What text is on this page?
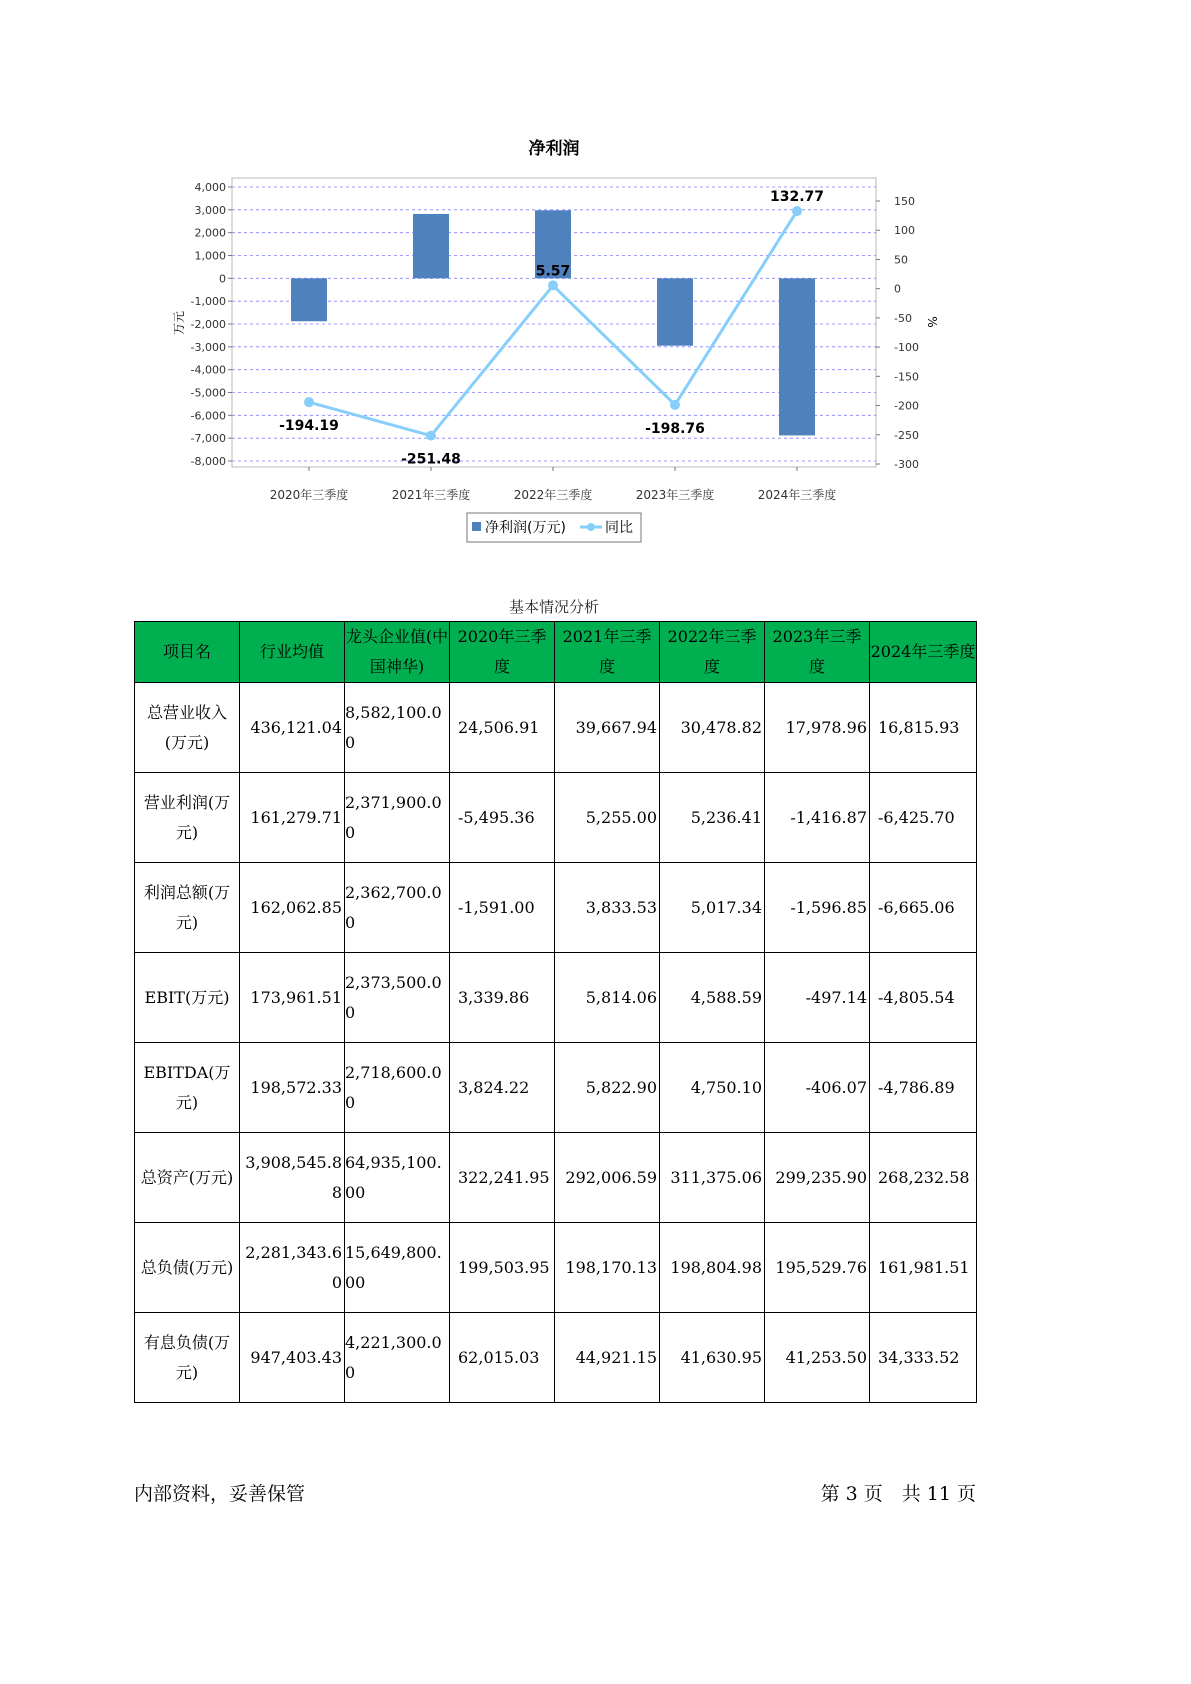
净利润
4,000
3,000
2,000
1,000
0
-1,000
-2,000
-3,000
-4,000
-5,000
-6,000
-7,000
-8,000
150
100
50
0
-50
-100
-150
-200
-250
-300
万元	%
2020年三季度	2021年三季度	2022年三季度	2023年三季度	2024年三季度
-194.19
-251.48
5.57
-198.76
132.77
净利润(万元)	同比
基本情况分析
项目名	行业均值	龙头企业值(中国神华)	2020年三季度	2021年三季度	2022年三季度	2023年三季度	2024年三季度
总营业收入(万元)	436,121.04	8,582,100.00	24,506.91	39,667.94	30,478.82	17,978.96	16,815.93
营业利润(万元)	161,279.71	2,371,900.00	-5,495.36	5,255.00	5,236.41	-1,416.87	-6,425.70
利润总额(万元)	162,062.85	2,362,700.00	-1,591.00	3,833.53	5,017.34	-1,596.85	-6,665.06
EBIT(万元)	173,961.51	2,373,500.00	3,339.86	5,814.06	4,588.59	-497.14	-4,805.54
EBITDA(万元)	198,572.33	2,718,600.00	3,824.22	5,822.90	4,750.10	-406.07	-4,786.89
总资产(万元)	3,908,545.88	64,935,100.00	322,241.95	292,006.59	311,375.06	299,235.90	268,232.58
总负债(万元)	2,281,343.60	15,649,800.00	199,503.95	198,170.13	198,804.98	195,529.76	161,981.51
有息负债(万元)	947,403.43	4,221,300.00	62,015.03	44,921.15	41,630.95	41,253.50	34,333.52
内部资料，妥善保管	第 3 页　共 11 页
